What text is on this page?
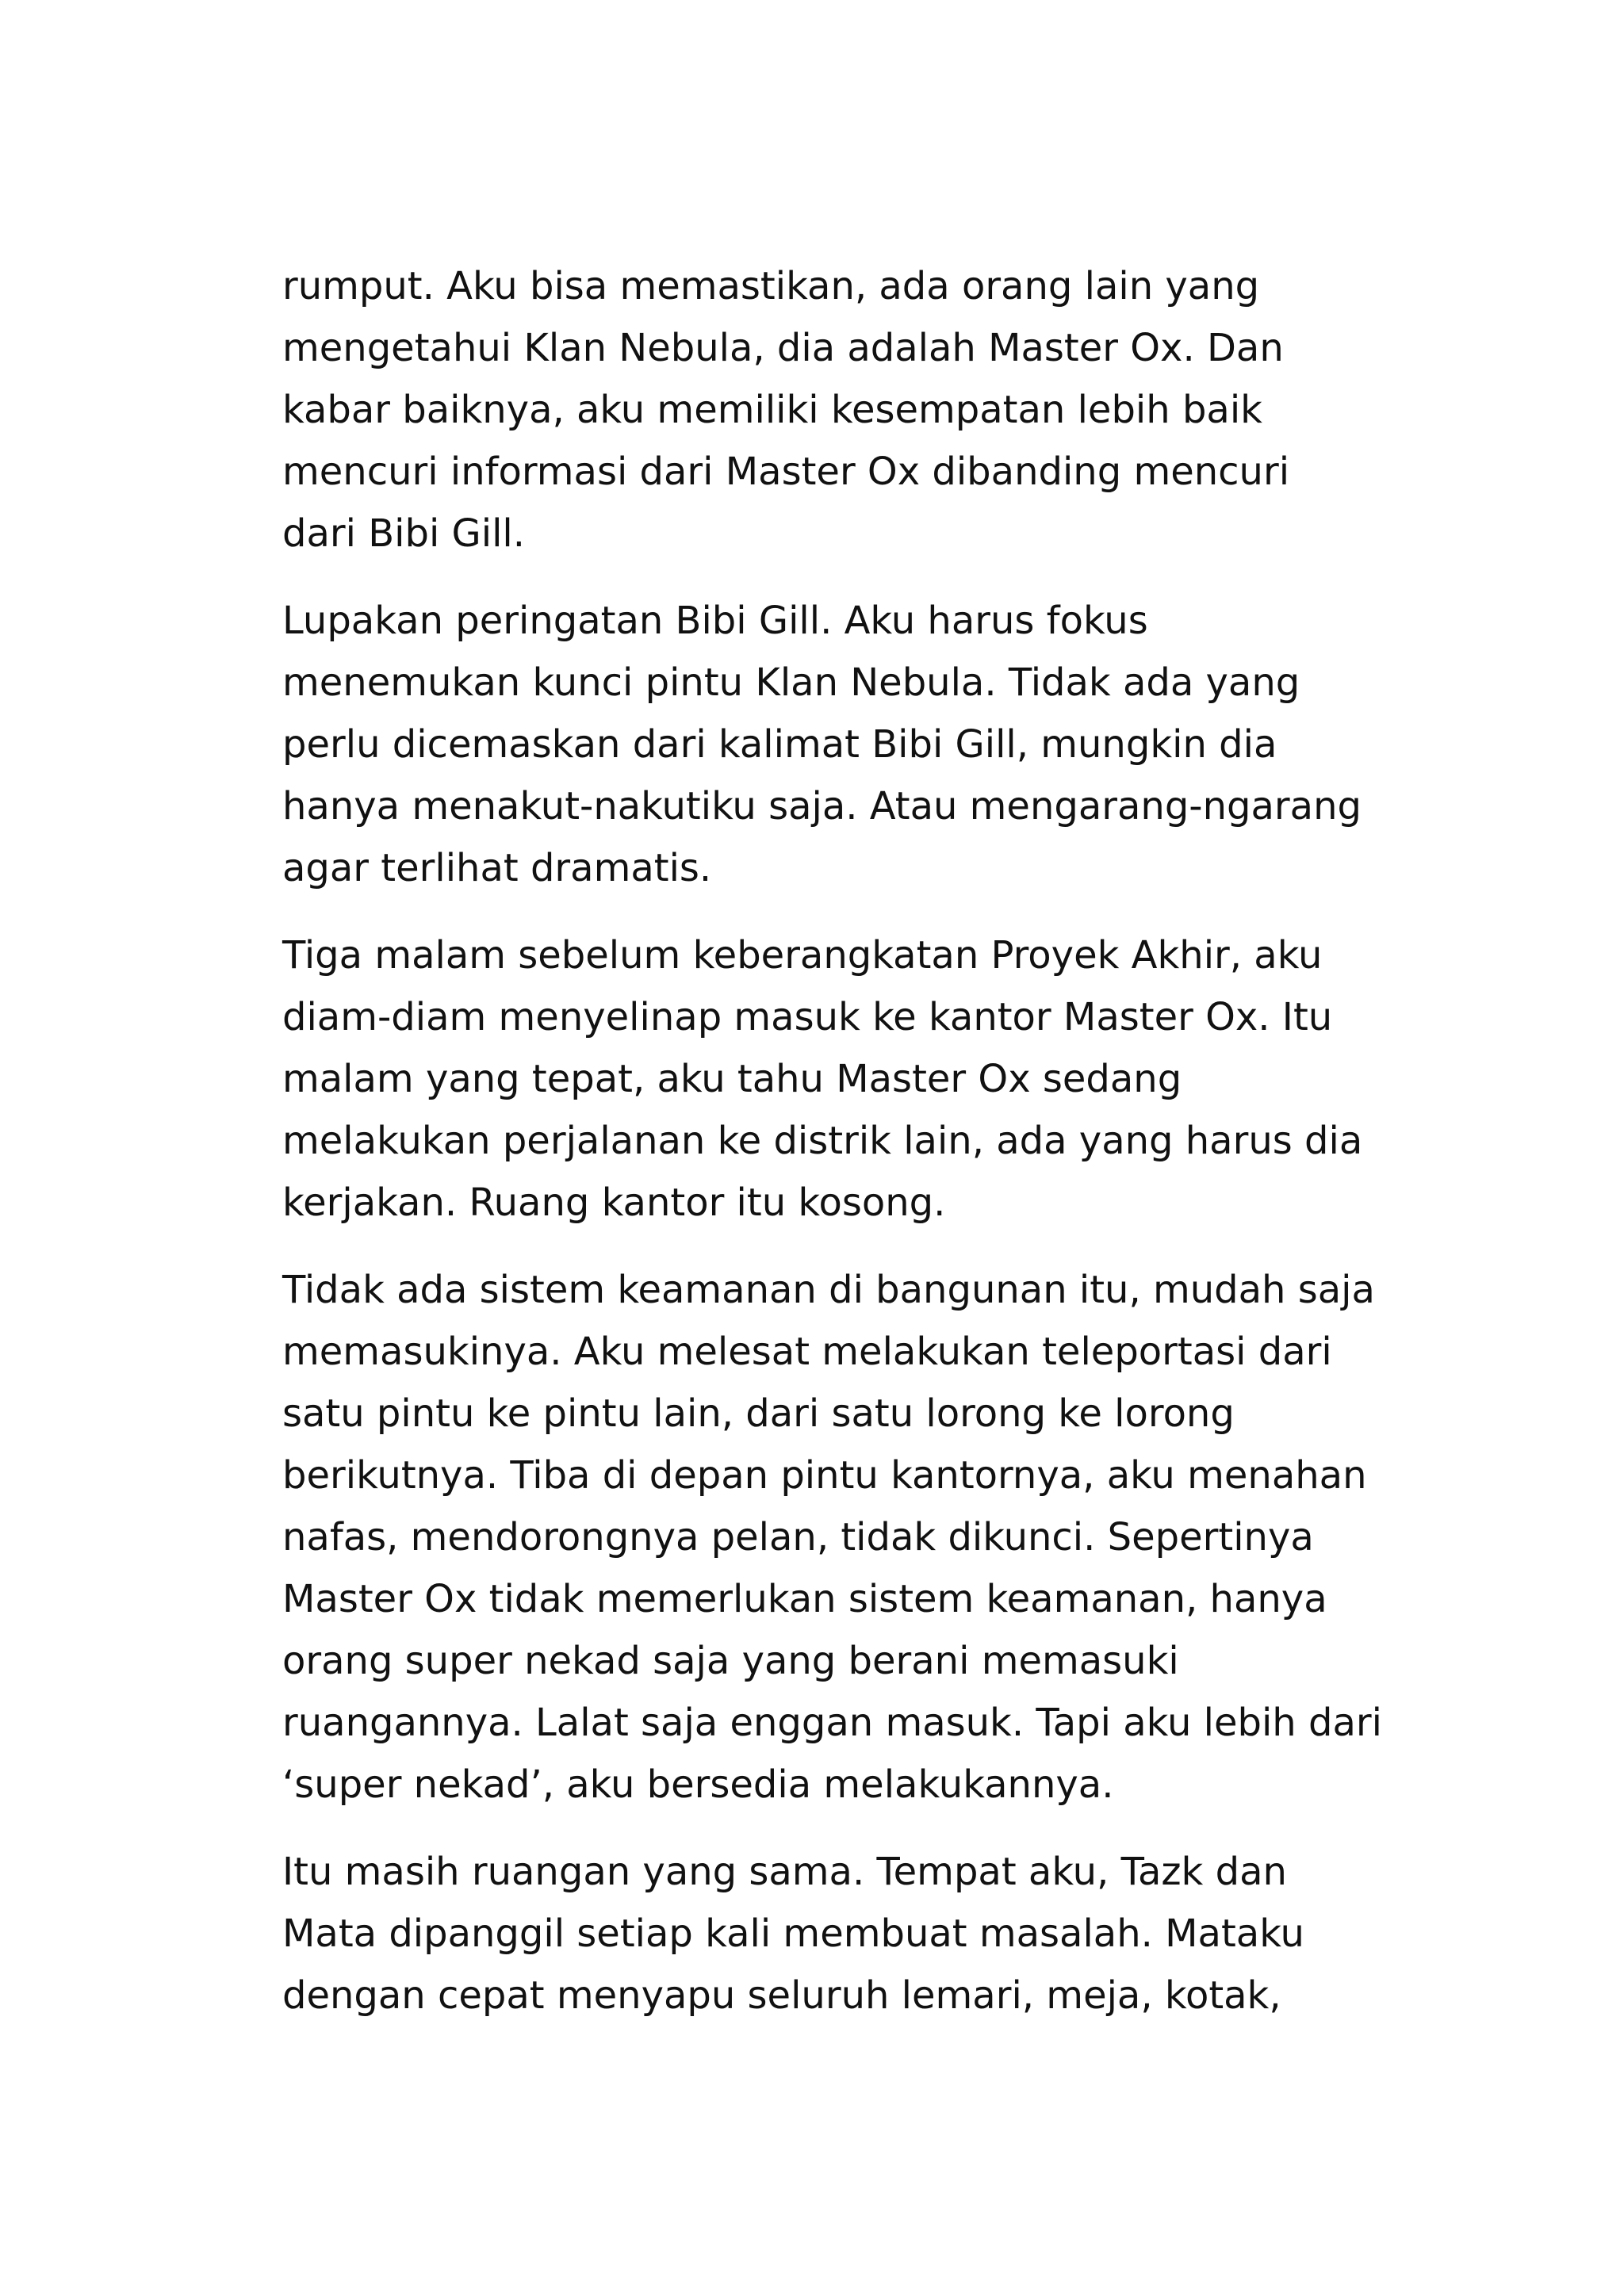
rumput. Aku bisa memastikan, ada orang lain yang
mengetahui Klan Nebula, dia adalah Master Ox. Dan
kabar baiknya, aku memiliki kesempatan lebih baik
mencuri informasi dari Master Ox dibanding mencuri
dari Bibi Gill.

Lupakan peringatan Bibi Gill. Aku harus fokus
menemukan kunci pintu Klan Nebula. Tidak ada yang
perlu dicemaskan dari kalimat Bibi Gill, mungkin dia
hanya menakut-nakutiku saja. Atau mengarang-ngarang
agar terlihat dramatis.

Tiga malam sebelum keberangkatan Proyek Akhir, aku
diam-diam menyelinap masuk ke kantor Master Ox. Itu
malam yang tepat, aku tahu Master Ox sedang
melakukan perjalanan ke distrik lain, ada yang harus dia
kerjakan. Ruang kantor itu kosong.

Tidak ada sistem keamanan di bangunan itu, mudah saja
memasukinya. Aku melesat melakukan teleportasi dari
satu pintu ke pintu lain, dari satu lorong ke lorong
berikutnya. Tiba di depan pintu kantornya, aku menahan
nafas, mendorongnya pelan, tidak dikunci. Sepertinya
Master Ox tidak memerlukan sistem keamanan, hanya
orang super nekad saja yang berani memasuki
ruangannya. Lalat saja enggan masuk. Tapi aku lebih dari
‘super nekad’, aku bersedia melakukannya.

Itu masih ruangan yang sama. Tempat aku, Tazk dan
Mata dipanggil setiap kali membuat masalah. Mataku
dengan cepat menyapu seluruh lemari, meja, kotak,
